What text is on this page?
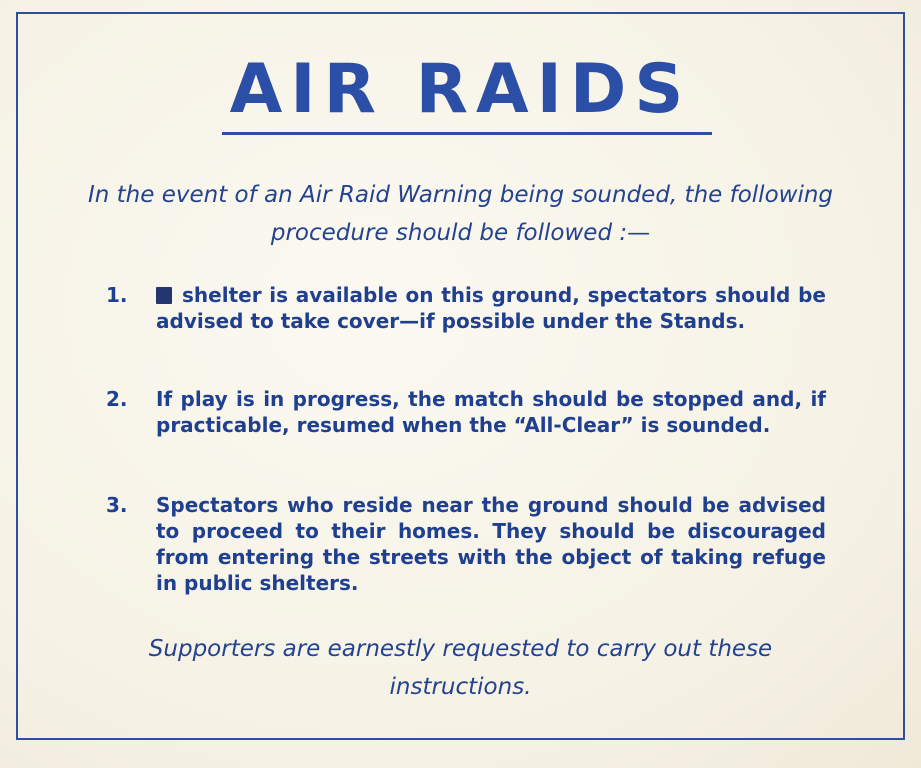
AIR RAIDS

In the event of an Air Raid Warning being sounded, the following procedure should be followed :—

1.	shelter is available on this ground, spectators should be advised to take cover—if possible under the Stands.
2.	If play is in progress, the match should be stopped and, if practicable, resumed when the “All-Clear” is sounded.
3.	Spectators who reside near the ground should be advised to proceed to their homes. They should be discouraged from entering the streets with the object of taking refuge in public shelters.

Supporters are earnestly requested to carry out these instructions.
